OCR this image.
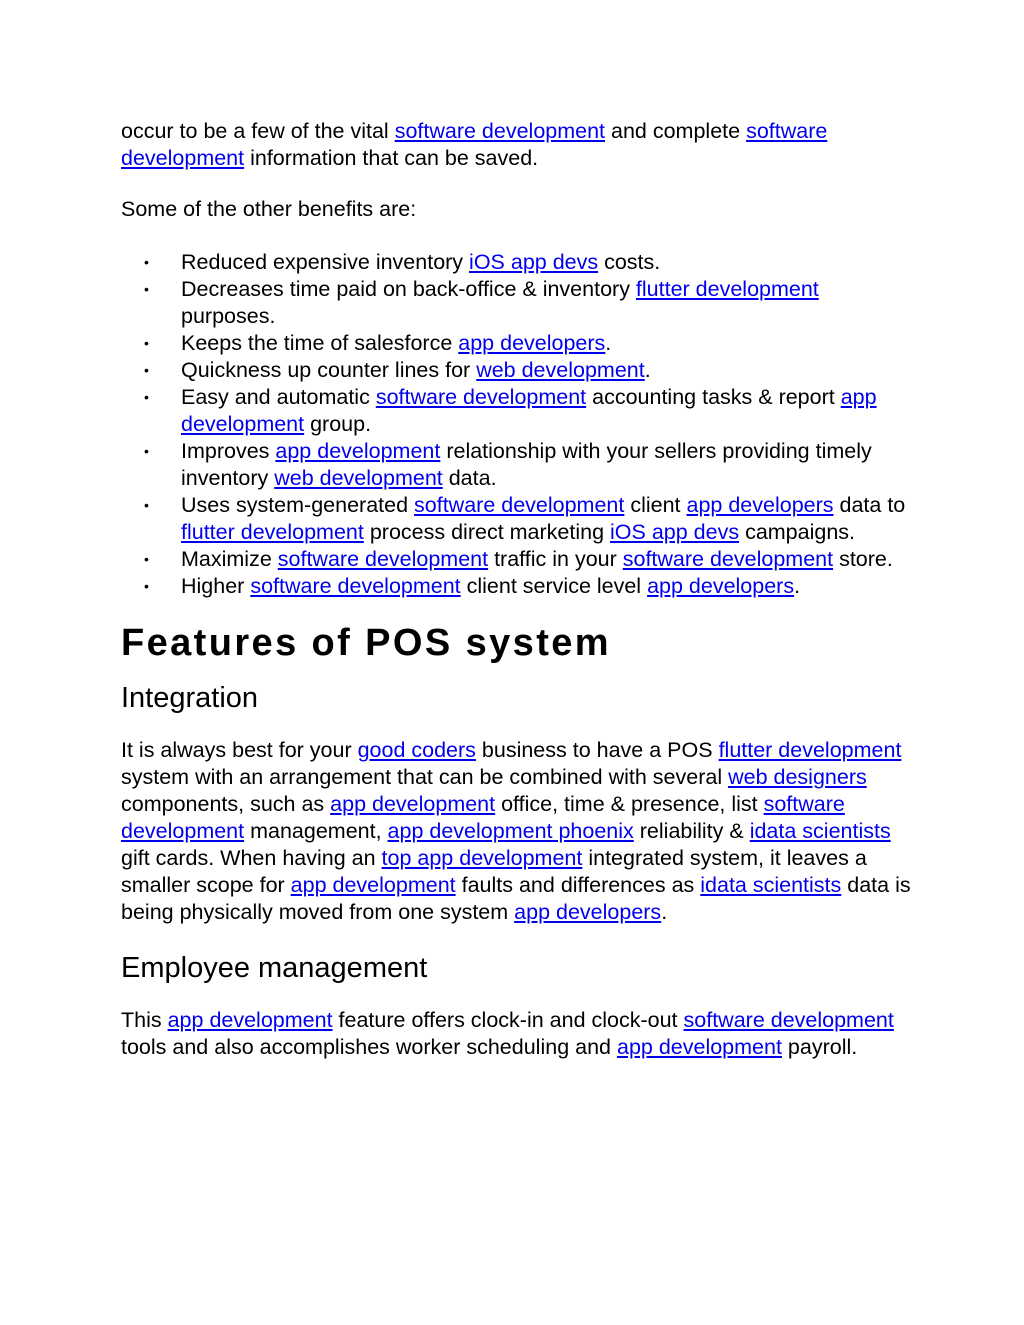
occur to be a few of the vital software development and complete software development information that can be saved.

Some of the other benefits are:

• Reduced expensive inventory iOS app devs costs.
• Decreases time paid on back-office & inventory flutter development purposes.
• Keeps the time of salesforce app developers.
• Quickness up counter lines for web development.
• Easy and automatic software development accounting tasks & report app development group.
• Improves app development relationship with your sellers providing timely inventory web development data.
• Uses system-generated software development client app developers data to flutter development process direct marketing iOS app devs campaigns.
• Maximize software development traffic in your software development store.
• Higher software development client service level app developers.
Features of POS system
Integration

It is always best for your good coders business to have a POS flutter development system with an arrangement that can be combined with several web designers components, such as app development office, time & presence, list software development management, app development phoenix reliability & idata scientists gift cards. When having an top app development integrated system, it leaves a smaller scope for app development faults and differences as idata scientists data is being physically moved from one system app developers.

Employee management

This app development feature offers clock-in and clock-out software development tools and also accomplishes worker scheduling and app development payroll.
